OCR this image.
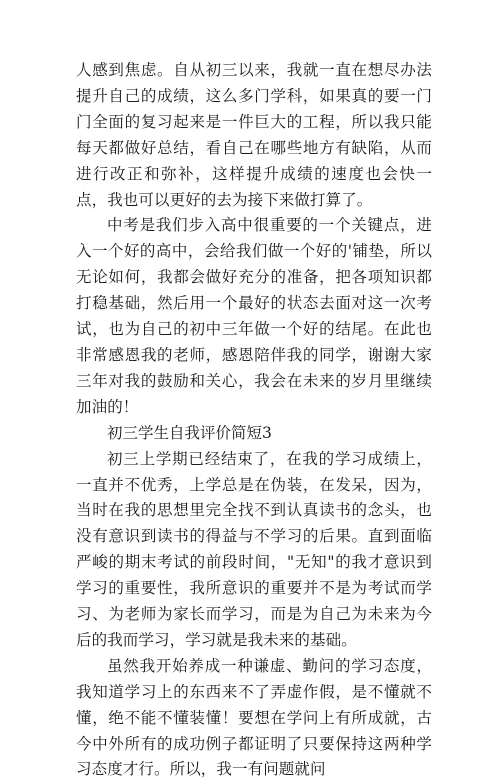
人感到焦虑。自从初三以来，我就一直在想尽办法提升自己的成绩，这么多门学科，如果真的要一门门全面的复习起来是一件巨大的工程，所以我只能每天都做好总结，看自己在哪些地方有缺陷，从而进行改正和弥补，这样提升成绩的速度也会快一点，我也可以更好的去为接下来做打算了。

中考是我们步入高中很重要的一个关键点，进入一个好的高中，会给我们做一个好的'铺垫，所以无论如何，我都会做好充分的准备，把各项知识都打稳基础，然后用一个最好的状态去面对这一次考试，也为自己的初中三年做一个好的结尾。在此也非常感恩我的老师，感恩陪伴我的同学，谢谢大家三年对我的鼓励和关心，我会在未来的岁月里继续加油的！

初三学生自我评价简短3

初三上学期已经结束了，在我的学习成绩上，一直并不优秀，上学总是在伪装，在发呆，因为，当时在我的思想里完全找不到认真读书的念头，也没有意识到读书的得益与不学习的后果。直到面临严峻的期末考试的前段时间，"无知"的我才意识到学习的重要性，我所意识的重要并不是为考试而学习、为老师为家长而学习，而是为自己为未来为今后的我而学习，学习就是我未来的基础。

虽然我开始养成一种谦虚、勤问的学习态度，我知道学习上的东西来不了弄虚作假，是不懂就不懂，绝不能不懂装懂！要想在学问上有所成就，古今中外所有的成功例子都证明了只要保持这两种学习态度才行。所以，我一有问题就问
